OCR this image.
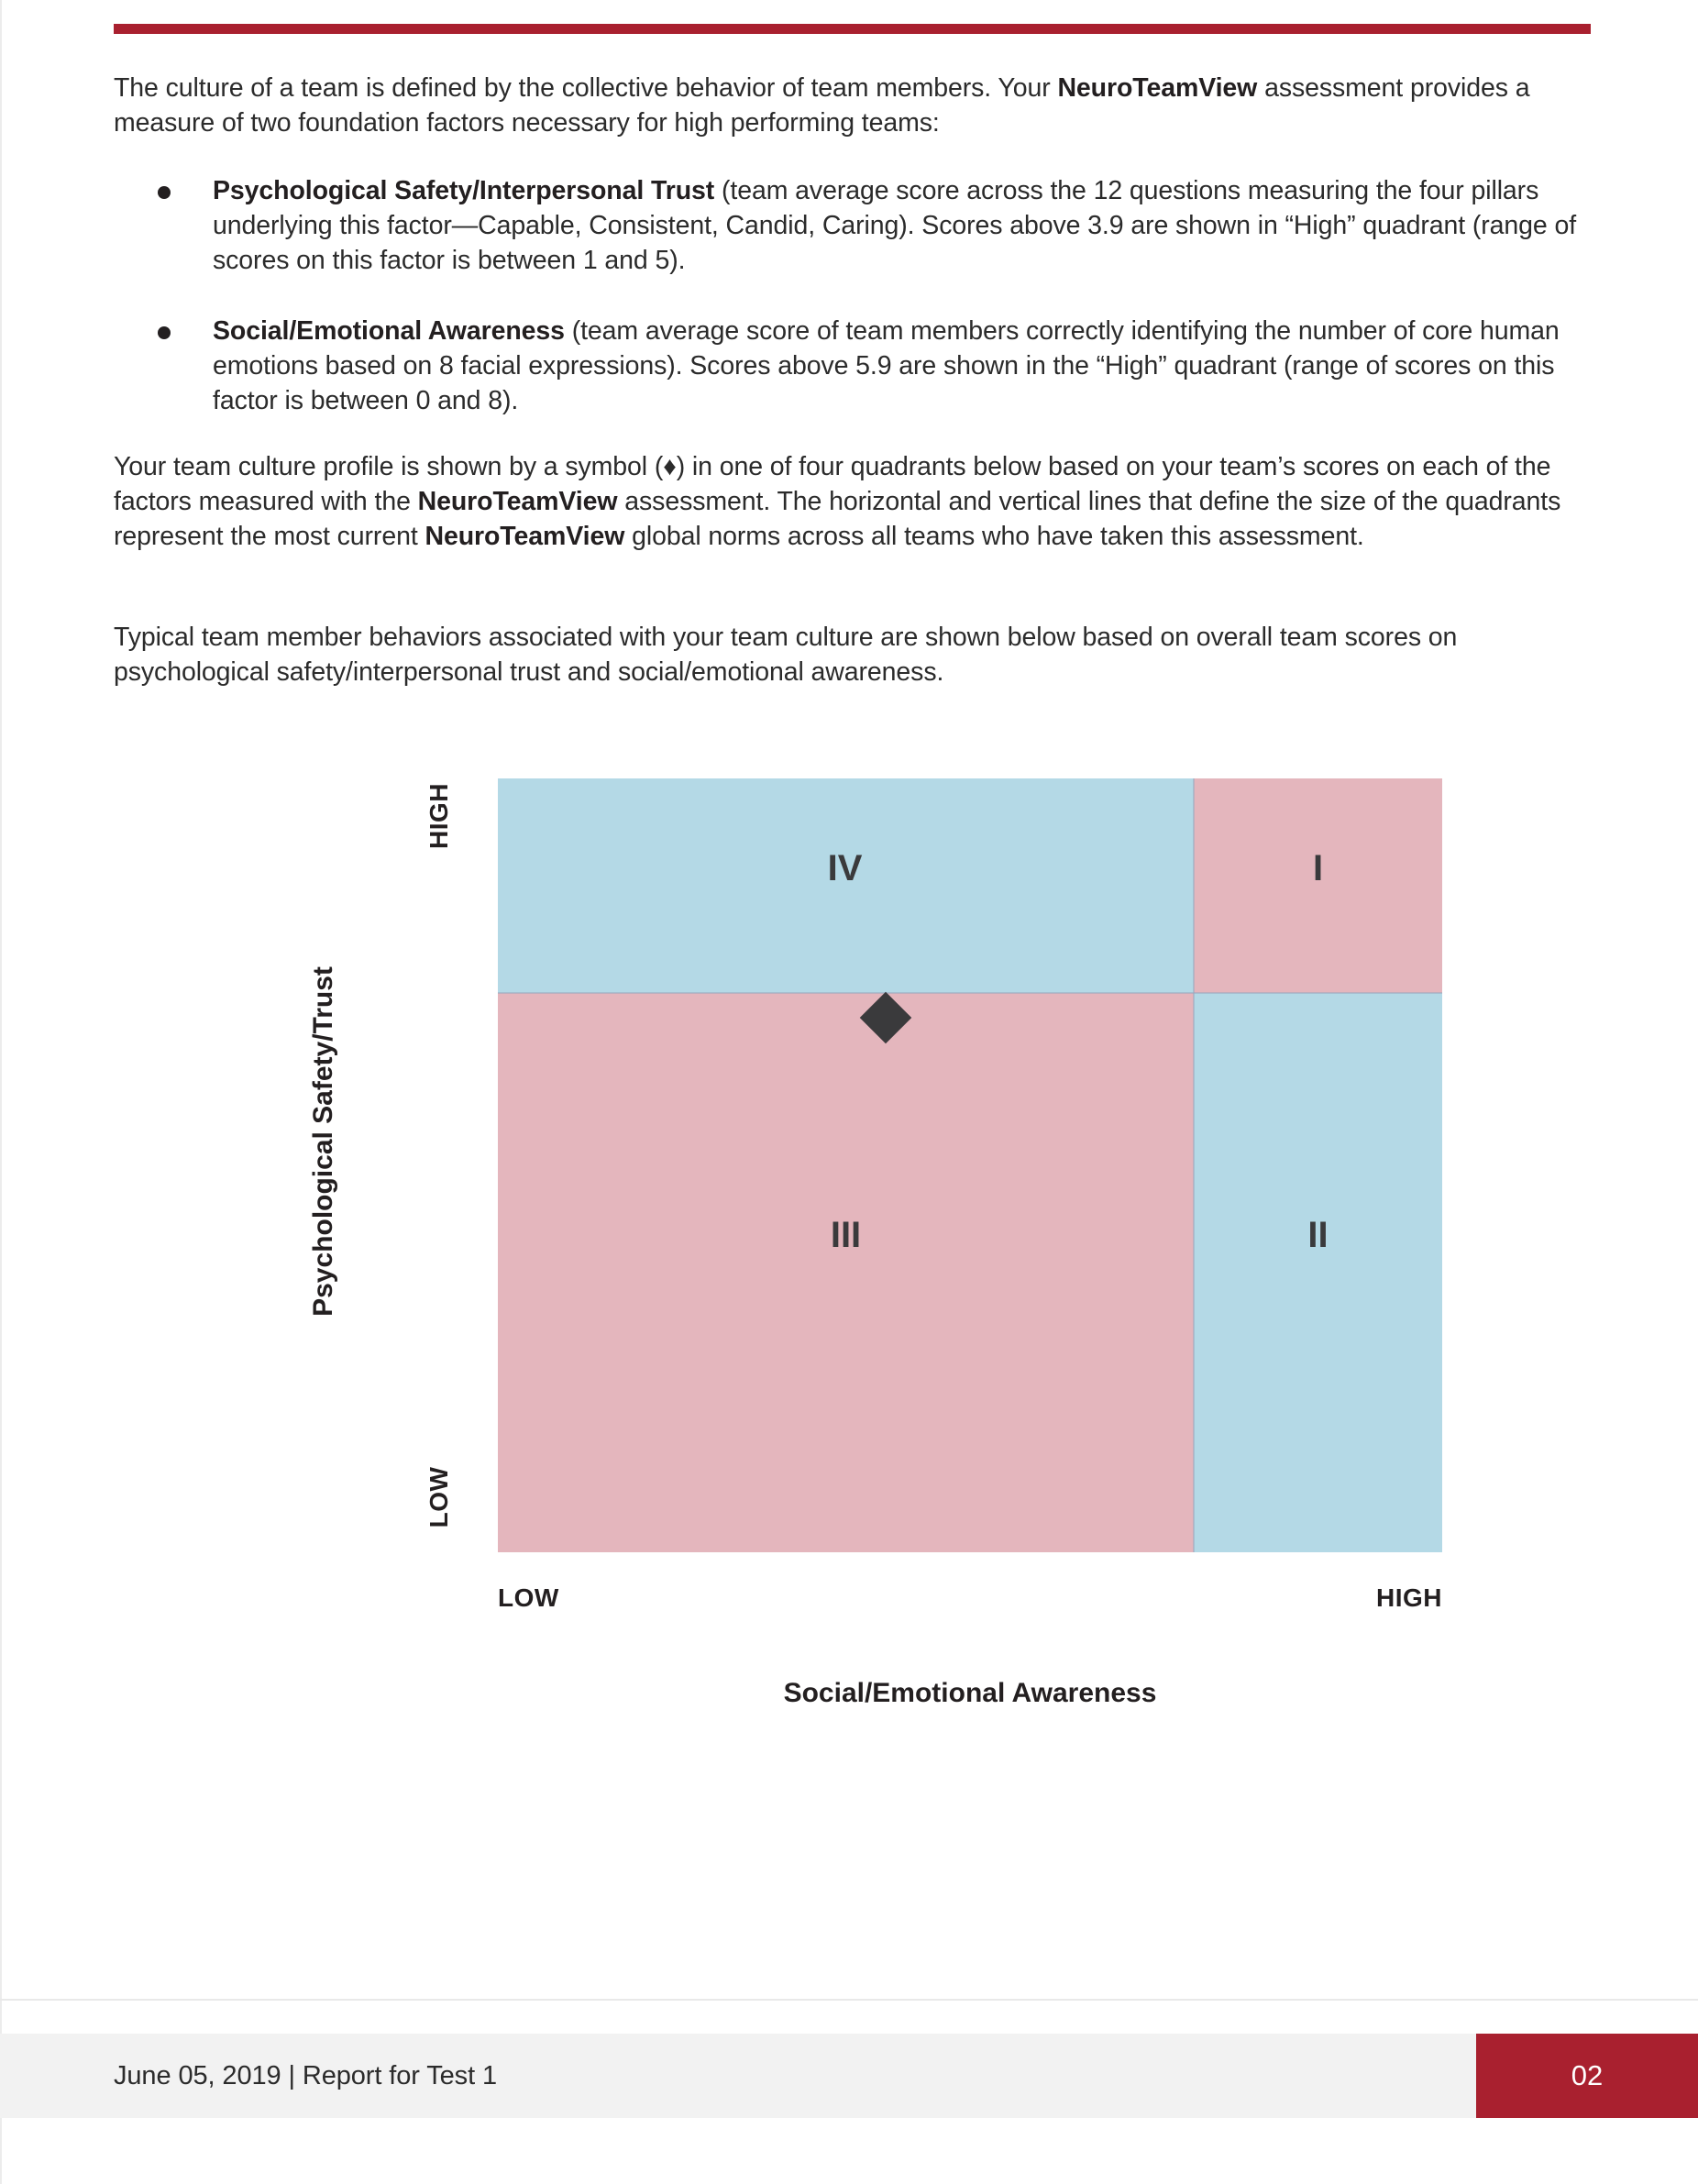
The culture of a team is defined by the collective behavior of team members. Your NeuroTeamView assessment provides a measure of two foundation factors necessary for high performing teams:

Psychological Safety/Interpersonal Trust (team average score across the 12 questions measuring the four pillars underlying this factor—Capable, Consistent, Candid, Caring). Scores above 3.9 are shown in “High” quadrant (range of scores on this factor is between 1 and 5).
Social/Emotional Awareness (team average score of team members correctly identifying the number of core human emotions based on 8 facial expressions). Scores above 5.9 are shown in the “High” quadrant (range of scores on this factor is between 0 and 8).

Your team culture profile is shown by a symbol (♦) in one of four quadrants below based on your team’s scores on each of the factors measured with the NeuroTeamView assessment. The horizontal and vertical lines that define the size of the quadrants represent the most current NeuroTeamView global norms across all teams who have taken this assessment.

Typical team member behaviors associated with your team culture are shown below based on overall team scores on psychological safety/interpersonal trust and social/emotional awareness.

Psychological Safety/Trust
HIGH
LOW
IV	I
III	II
LOW	HIGH
Social/Emotional Awareness
June 05, 2019 | Report for Test 1	02
